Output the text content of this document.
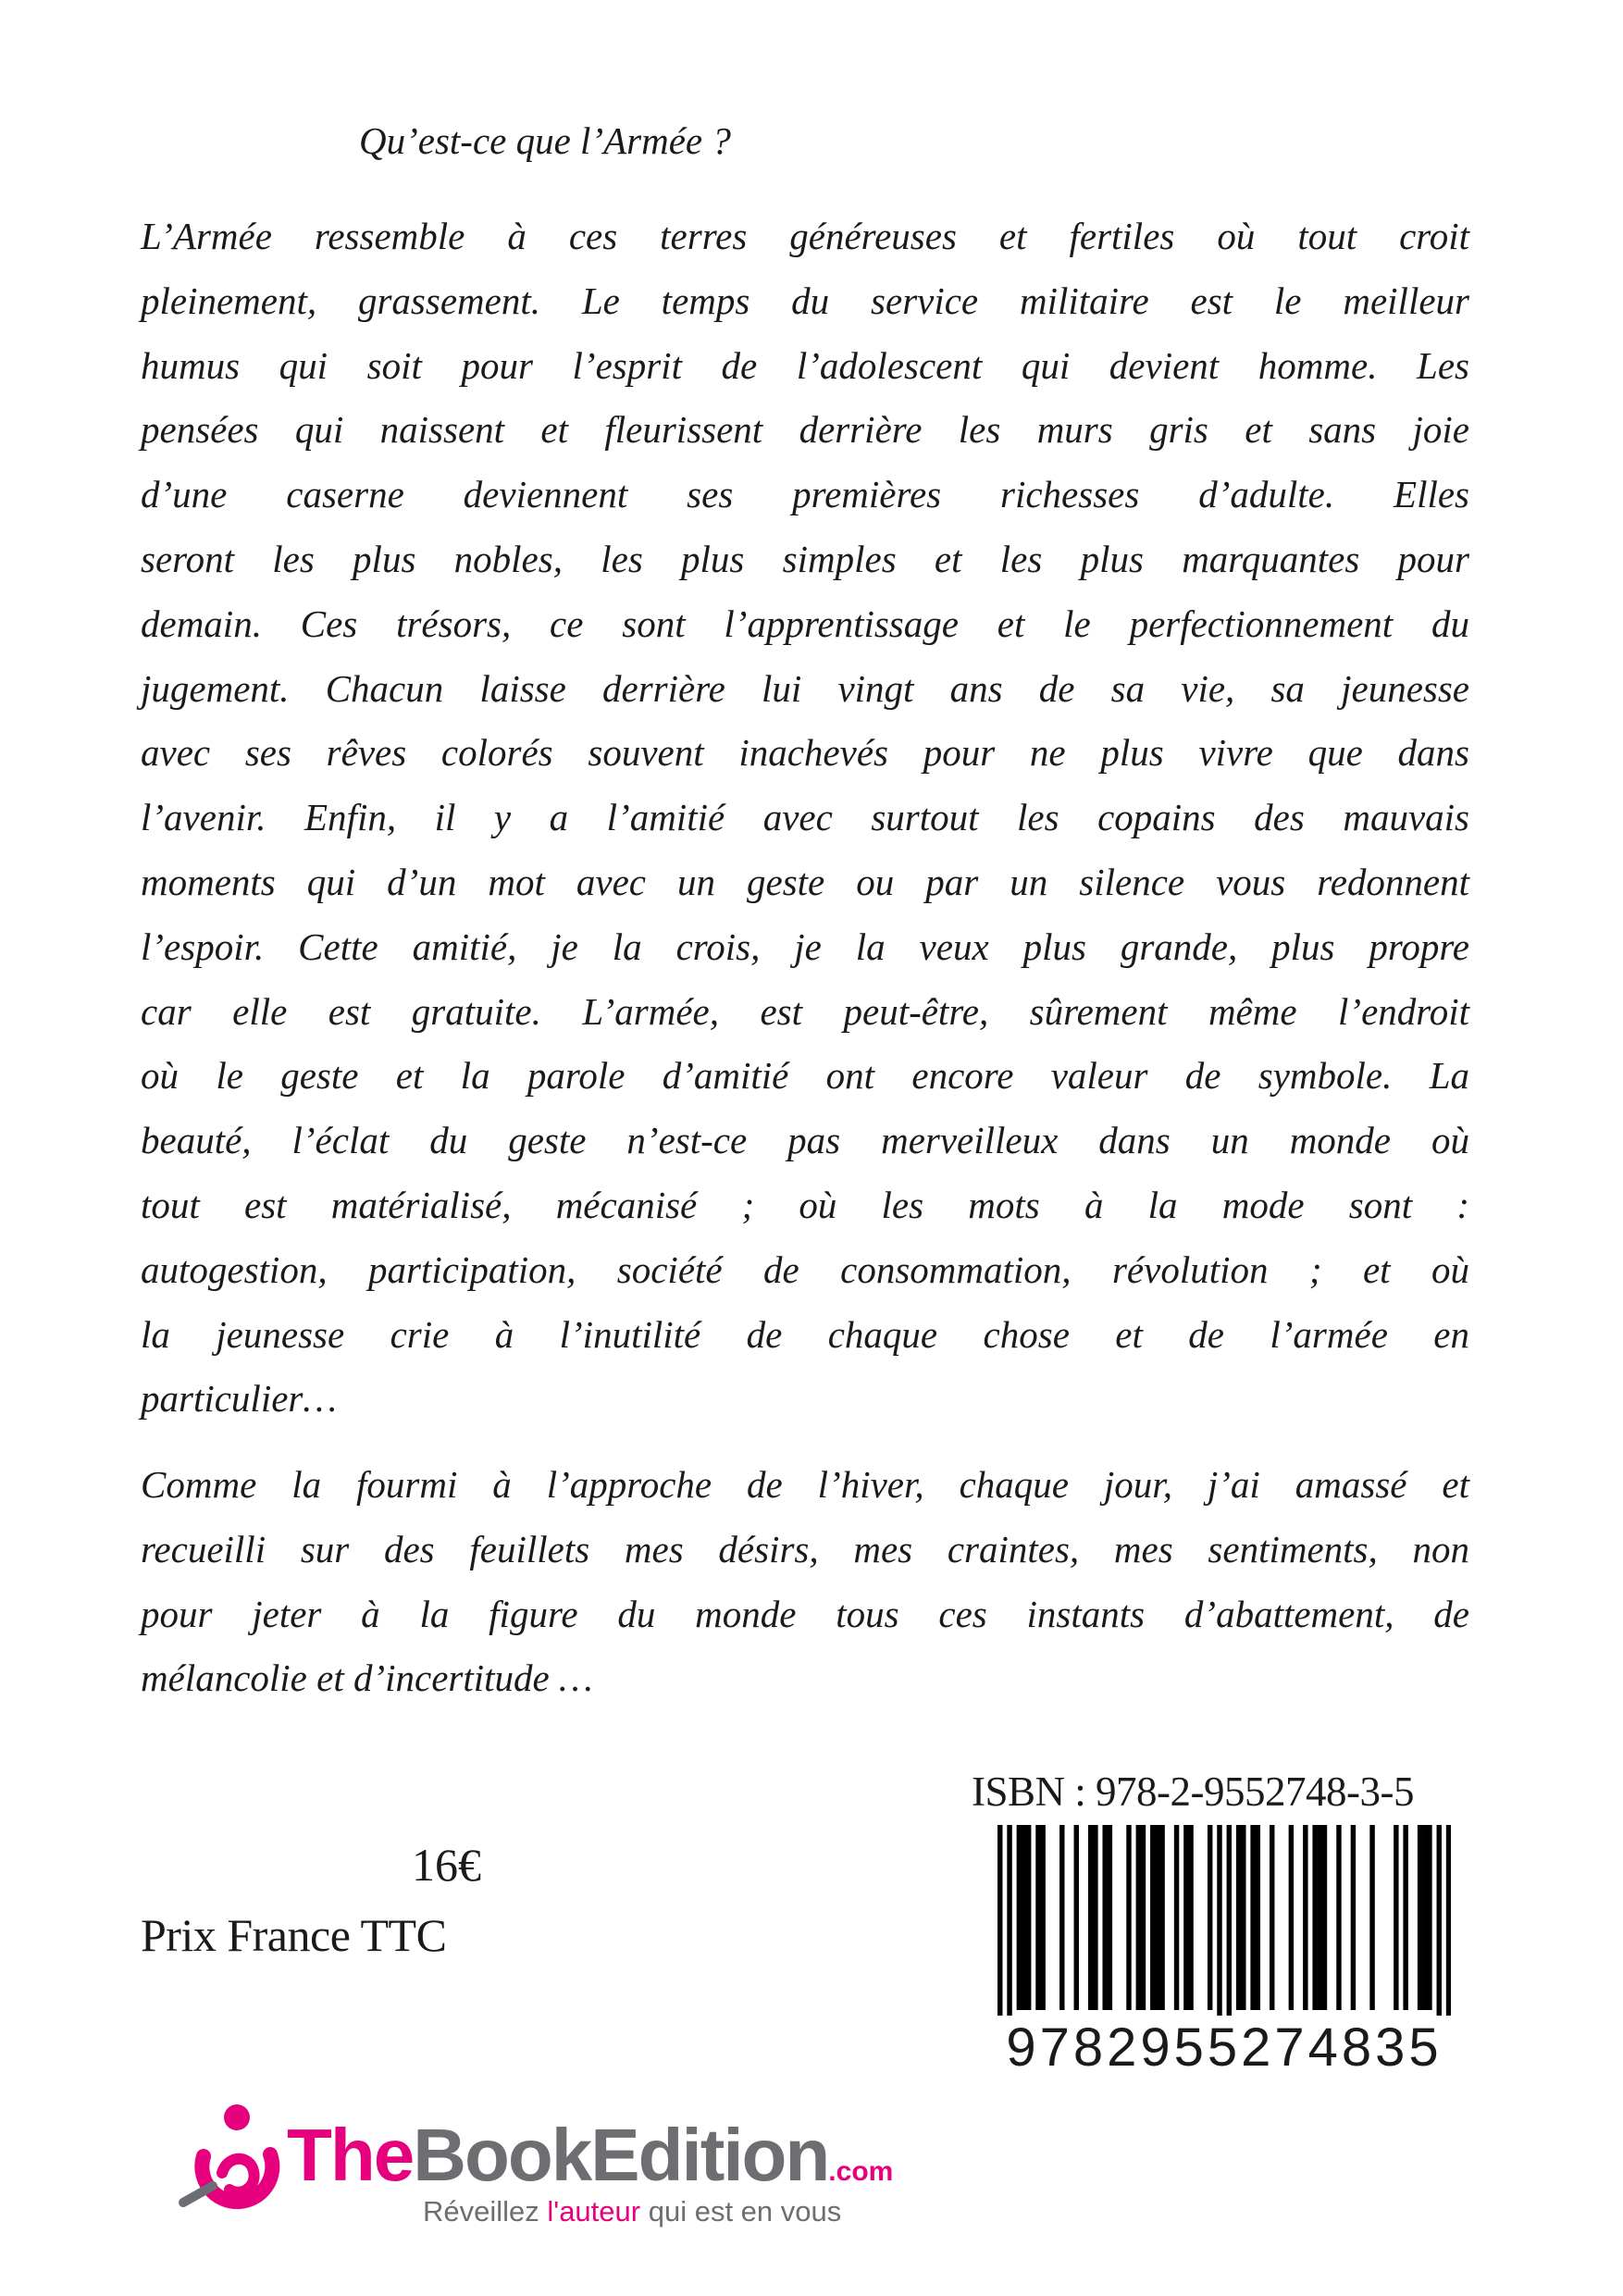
Qu’est-ce que l’Armée ?
L’Armée ressemble à ces terres généreuses et fertiles où tout croit
pleinement, grassement. Le temps du service militaire est le meilleur
humus qui soit pour l’esprit de l’adolescent qui devient homme. Les
pensées qui naissent et fleurissent derrière les murs gris et sans joie
d’une caserne deviennent ses premières richesses d’adulte. Elles
seront les plus nobles, les plus simples et les plus marquantes pour
demain. Ces trésors, ce sont l’apprentissage et le perfectionnement du
jugement. Chacun laisse derrière lui vingt ans de sa vie, sa jeunesse
avec ses rêves colorés souvent inachevés pour ne plus vivre que dans
l’avenir. Enfin, il y a l’amitié avec surtout les copains des mauvais
moments qui d’un mot avec un geste ou par un silence vous redonnent
l’espoir. Cette amitié, je la crois, je la veux plus grande, plus propre
car elle est gratuite. L’armée, est peut-être, sûrement même l’endroit
où le geste et la parole d’amitié ont encore valeur de symbole. La
beauté, l’éclat du geste n’est-ce pas merveilleux dans un monde où
tout est matérialisé, mécanisé ; où les mots à la mode sont :
autogestion, participation, société de consommation, révolution ; et où
la jeunesse crie à l’inutilité de chaque chose et de l’armée en
particulier…
Comme la fourmi à l’approche de l’hiver, chaque jour, j’ai amassé et
recueilli sur des feuillets mes désirs, mes craintes, mes sentiments, non
pour jeter à la figure du monde tous ces instants d’abattement, de
mélancolie et d’incertitude …
ISBN : 978-2-9552748-3-5
9782955274835
16€
Prix France TTC
TheBookEdition.com
Réveillez l'auteur qui est en vous
